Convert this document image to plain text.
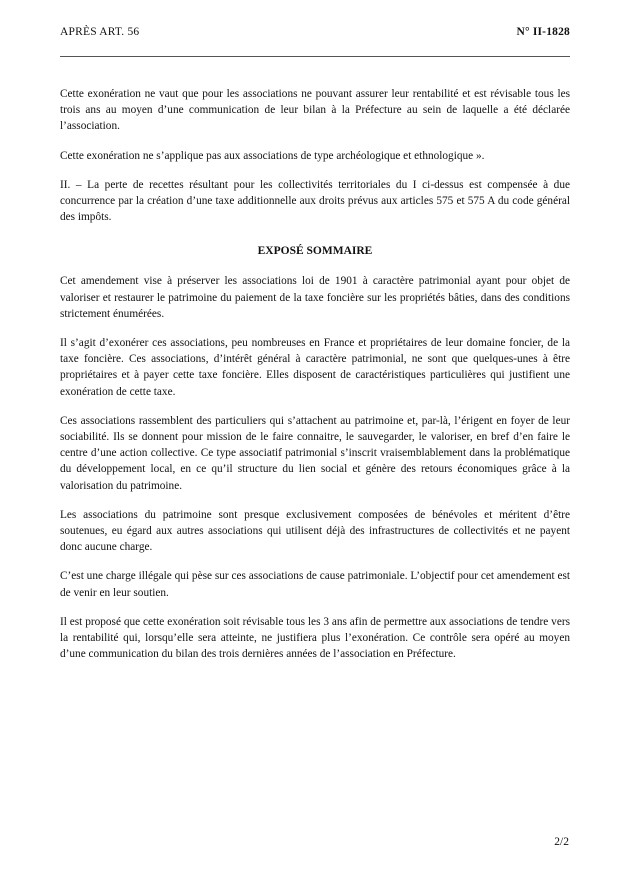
APRÈS ART. 56	N° II-1828

Cette exonération ne vaut que pour les associations ne pouvant assurer leur rentabilité et est révisable tous les trois ans au moyen d’une communication de leur bilan à la Préfecture au sein de laquelle a été déclarée l’association.

Cette exonération ne s’applique pas aux associations de type archéologique et ethnologique ».

II. – La perte de recettes résultant pour les collectivités territoriales du I ci-dessus est compensée à due concurrence par la création d’une taxe additionnelle aux droits prévus aux articles 575 et 575 A du code général des impôts.

EXPOSÉ SOMMAIRE

Cet amendement vise à préserver les associations loi de 1901 à caractère patrimonial ayant pour objet de valoriser et restaurer le patrimoine du paiement de la taxe foncière sur les propriétés bâties, dans des conditions strictement énumérées.

Il s’agit d’exonérer ces associations, peu nombreuses en France et propriétaires de leur domaine foncier, de la taxe foncière. Ces associations, d’intérêt général à caractère patrimonial, ne sont que quelques-unes à être propriétaires et à payer cette taxe foncière. Elles disposent de caractéristiques particulières qui justifient une exonération de cette taxe.

Ces associations rassemblent des particuliers qui s’attachent au patrimoine et, par-là, l’érigent en foyer de leur sociabilité. Ils se donnent pour mission de le faire connaitre, le sauvegarder, le valoriser, en bref d’en faire le centre d’une action collective. Ce type associatif patrimonial s’inscrit vraisemblablement dans la problématique du développement local, en ce qu’il structure du lien social et génère des retours économiques grâce à la valorisation du patrimoine.

Les associations du patrimoine sont presque exclusivement composées de bénévoles et méritent d’être soutenues, eu égard aux autres associations qui utilisent déjà des infrastructures de collectivités et ne payent donc aucune charge.

C’est une charge illégale qui pèse sur ces associations de cause patrimoniale. L’objectif pour cet amendement est de venir en leur soutien.

Il est proposé que cette exonération soit révisable tous les 3 ans afin de permettre aux associations de tendre vers la rentabilité qui, lorsqu’elle sera atteinte, ne justifiera plus l’exonération. Ce contrôle sera opéré au moyen d’une communication du bilan des trois dernières années de l’association en Préfecture.

2/2
